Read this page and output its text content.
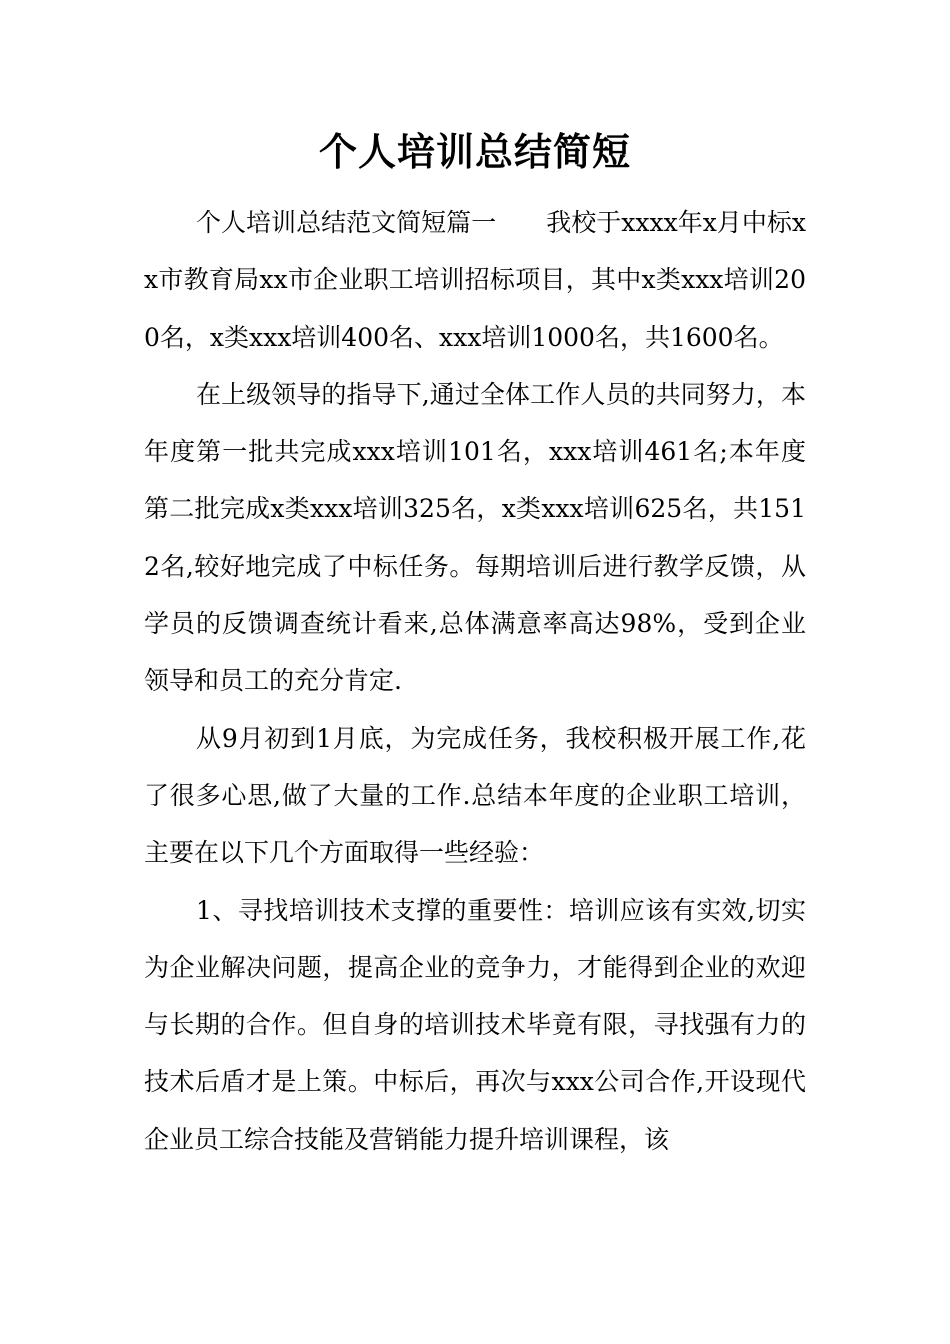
个人培训总结简短

个人培训总结范文简短篇一　　我校于xxxx年x月中标xx市教育局xx市企业职工培训招标项目，其中x类xxx培训200名，x类xxx培训400名、xxx培训1000名，共1600名。

在上级领导的指导下,通过全体工作人员的共同努力，本年度第一批共完成xxx培训101名，xxx培训461名;本年度第二批完成x类xxx培训325名，x类xxx培训625名，共1512名,较好地完成了中标任务。每期培训后进行教学反馈，从学员的反馈调查统计看来,总体满意率高达98%，受到企业领导和员工的充分肯定.

从9月初到1月底，为完成任务，我校积极开展工作,花了很多心思,做了大量的工作.总结本年度的企业职工培训，主要在以下几个方面取得一些经验：

1、寻找培训技术支撑的重要性：培训应该有实效,切实为企业解决问题，提高企业的竞争力，才能得到企业的欢迎与长期的合作。但自身的培训技术毕竟有限，寻找强有力的技术后盾才是上策。中标后，再次与xxx公司合作,开设现代企业员工综合技能及营销能力提升培训课程，该
